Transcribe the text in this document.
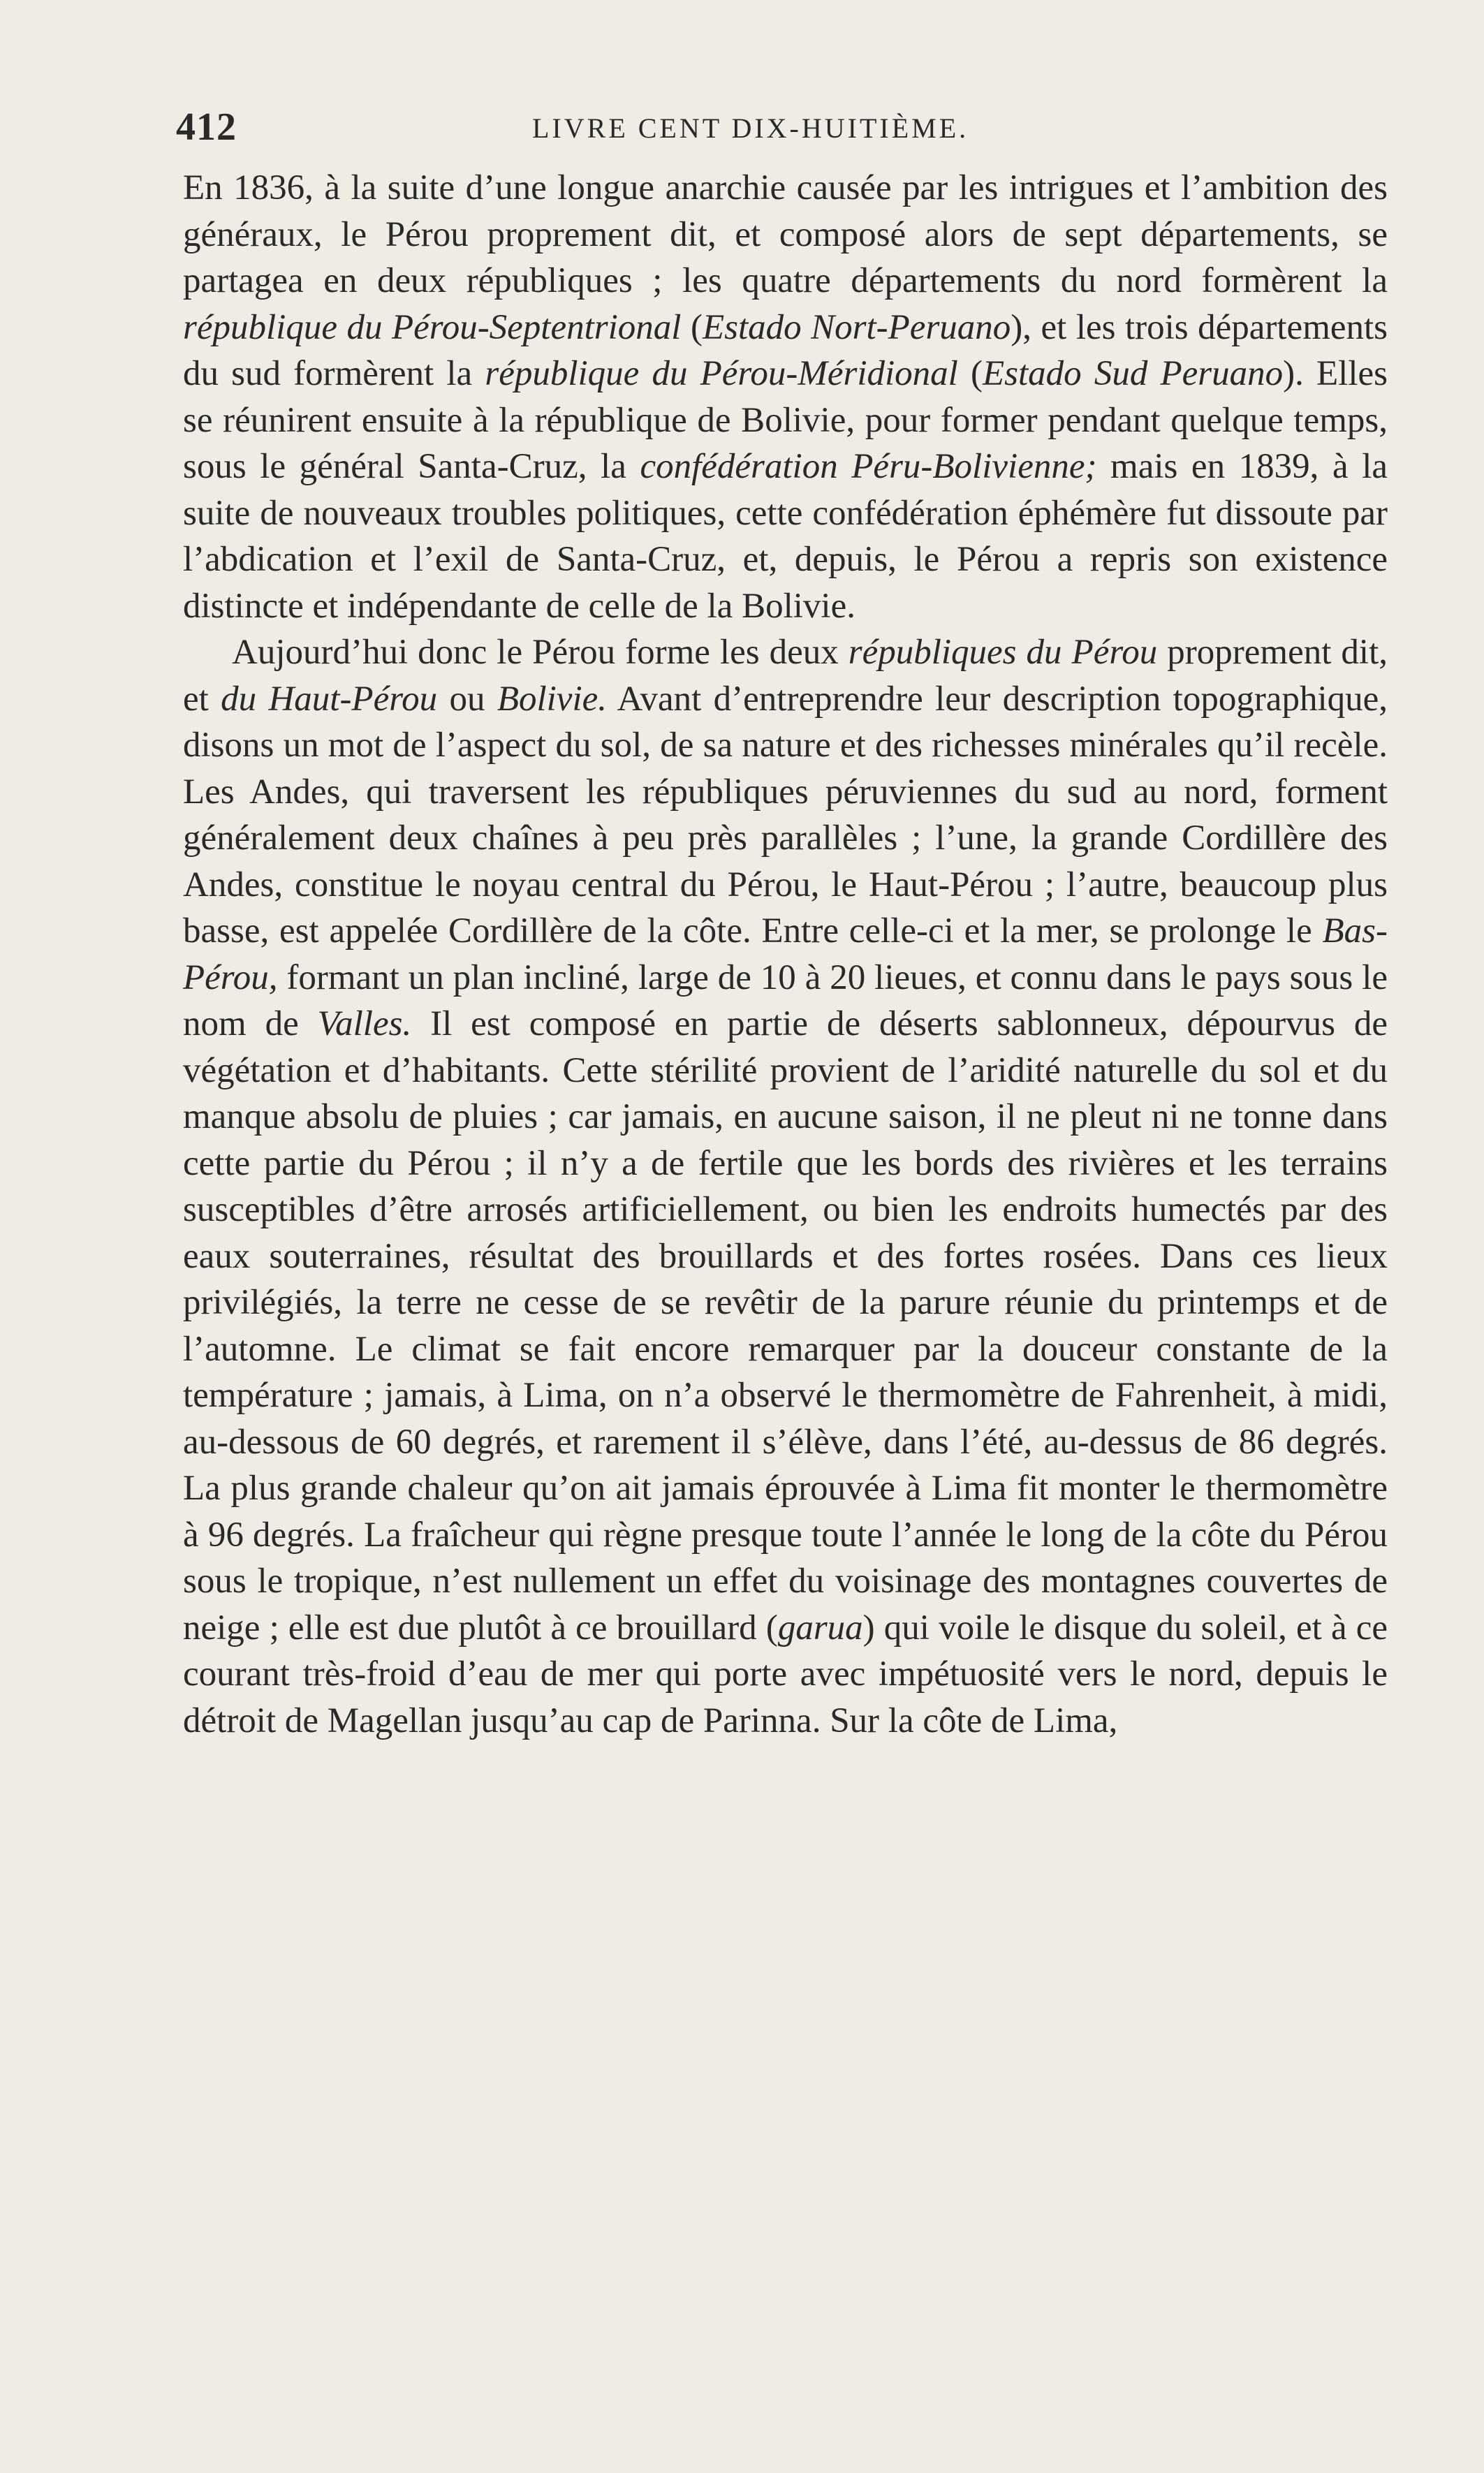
412	LIVRE CENT DIX-HUITIÈME.

En 1836, à la suite d’une longue anarchie causée par les intrigues et l’ambition des généraux, le Pérou proprement dit, et composé alors de sept départements, se partagea en deux républiques ; les quatre départements du nord formèrent la république du Pérou-Septentrional (Estado Nort-Peruano), et les trois départements du sud formèrent la république du Pérou-Méridional (Estado Sud Peruano). Elles se réunirent ensuite à la république de Bolivie, pour former pendant quelque temps, sous le général Santa-Cruz, la confédération Péru-Bolivienne; mais en 1839, à la suite de nouveaux troubles politiques, cette confédération éphémère fut dissoute par l’abdication et l’exil de Santa-Cruz, et, depuis, le Pérou a repris son existence distincte et indépendante de celle de la Bolivie.

Aujourd’hui donc le Pérou forme les deux républiques du Pérou proprement dit, et du Haut-Pérou ou Bolivie. Avant d’entreprendre leur description topographique, disons un mot de l’aspect du sol, de sa nature et des richesses minérales qu’il recèle. Les Andes, qui traversent les républiques péruviennes du sud au nord, forment généralement deux chaînes à peu près parallèles ; l’une, la grande Cordillère des Andes, constitue le noyau central du Pérou, le Haut-Pérou ; l’autre, beaucoup plus basse, est appelée Cordillère de la côte. Entre celle-ci et la mer, se prolonge le Bas-Pérou, formant un plan incliné, large de 10 à 20 lieues, et connu dans le pays sous le nom de Valles. Il est composé en partie de déserts sablonneux, dépourvus de végétation et d’habitants. Cette stérilité provient de l’aridité naturelle du sol et du manque absolu de pluies ; car jamais, en aucune saison, il ne pleut ni ne tonne dans cette partie du Pérou ; il n’y a de fertile que les bords des rivières et les terrains susceptibles d’être arrosés artificiellement, ou bien les endroits humectés par des eaux souterraines, résultat des brouillards et des fortes rosées. Dans ces lieux privilégiés, la terre ne cesse de se revêtir de la parure réunie du printemps et de l’automne. Le climat se fait encore remarquer par la douceur constante de la température ; jamais, à Lima, on n’a observé le thermomètre de Fahrenheit, à midi, au-dessous de 60 degrés, et rarement il s’élève, dans l’été, au-dessus de 86 degrés. La plus grande chaleur qu’on ait jamais éprouvée à Lima fit monter le thermomètre à 96 degrés. La fraîcheur qui règne presque toute l’année le long de la côte du Pérou sous le tropique, n’est nullement un effet du voisinage des montagnes couvertes de neige ; elle est due plutôt à ce brouillard (garua) qui voile le disque du soleil, et à ce courant très-froid d’eau de mer qui porte avec impétuosité vers le nord, depuis le détroit de Magellan jusqu’au cap de Parinna. Sur la côte de Lima,
